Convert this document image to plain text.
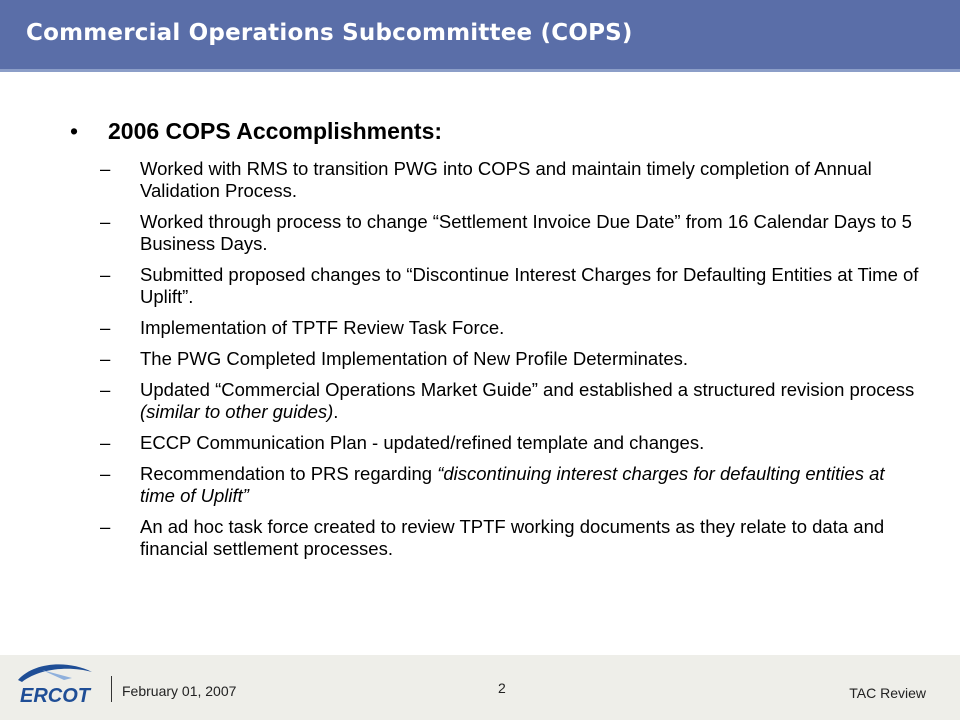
Commercial Operations Subcommittee (COPS)
• 2006 COPS Accomplishments:
– Worked with RMS to transition PWG into COPS and maintain timely completion of Annual Validation Process.
– Worked through process to change “Settlement Invoice Due Date” from 16 Calendar Days to 5 Business Days.
– Submitted proposed changes to “Discontinue Interest Charges for Defaulting Entities at Time of Uplift”.
– Implementation of TPTF Review Task Force.
– The PWG Completed Implementation of New Profile Determinates.
– Updated “Commercial Operations Market Guide” and established a structured revision process (similar to other guides).
– ECCP Communication Plan - updated/refined template and changes.
– Recommendation to PRS regarding “discontinuing interest charges for defaulting entities at time of Uplift”
– An ad hoc task force created to review TPTF working documents as they relate to data and financial settlement processes.
ERCOT February 01, 2007	2	TAC Review
